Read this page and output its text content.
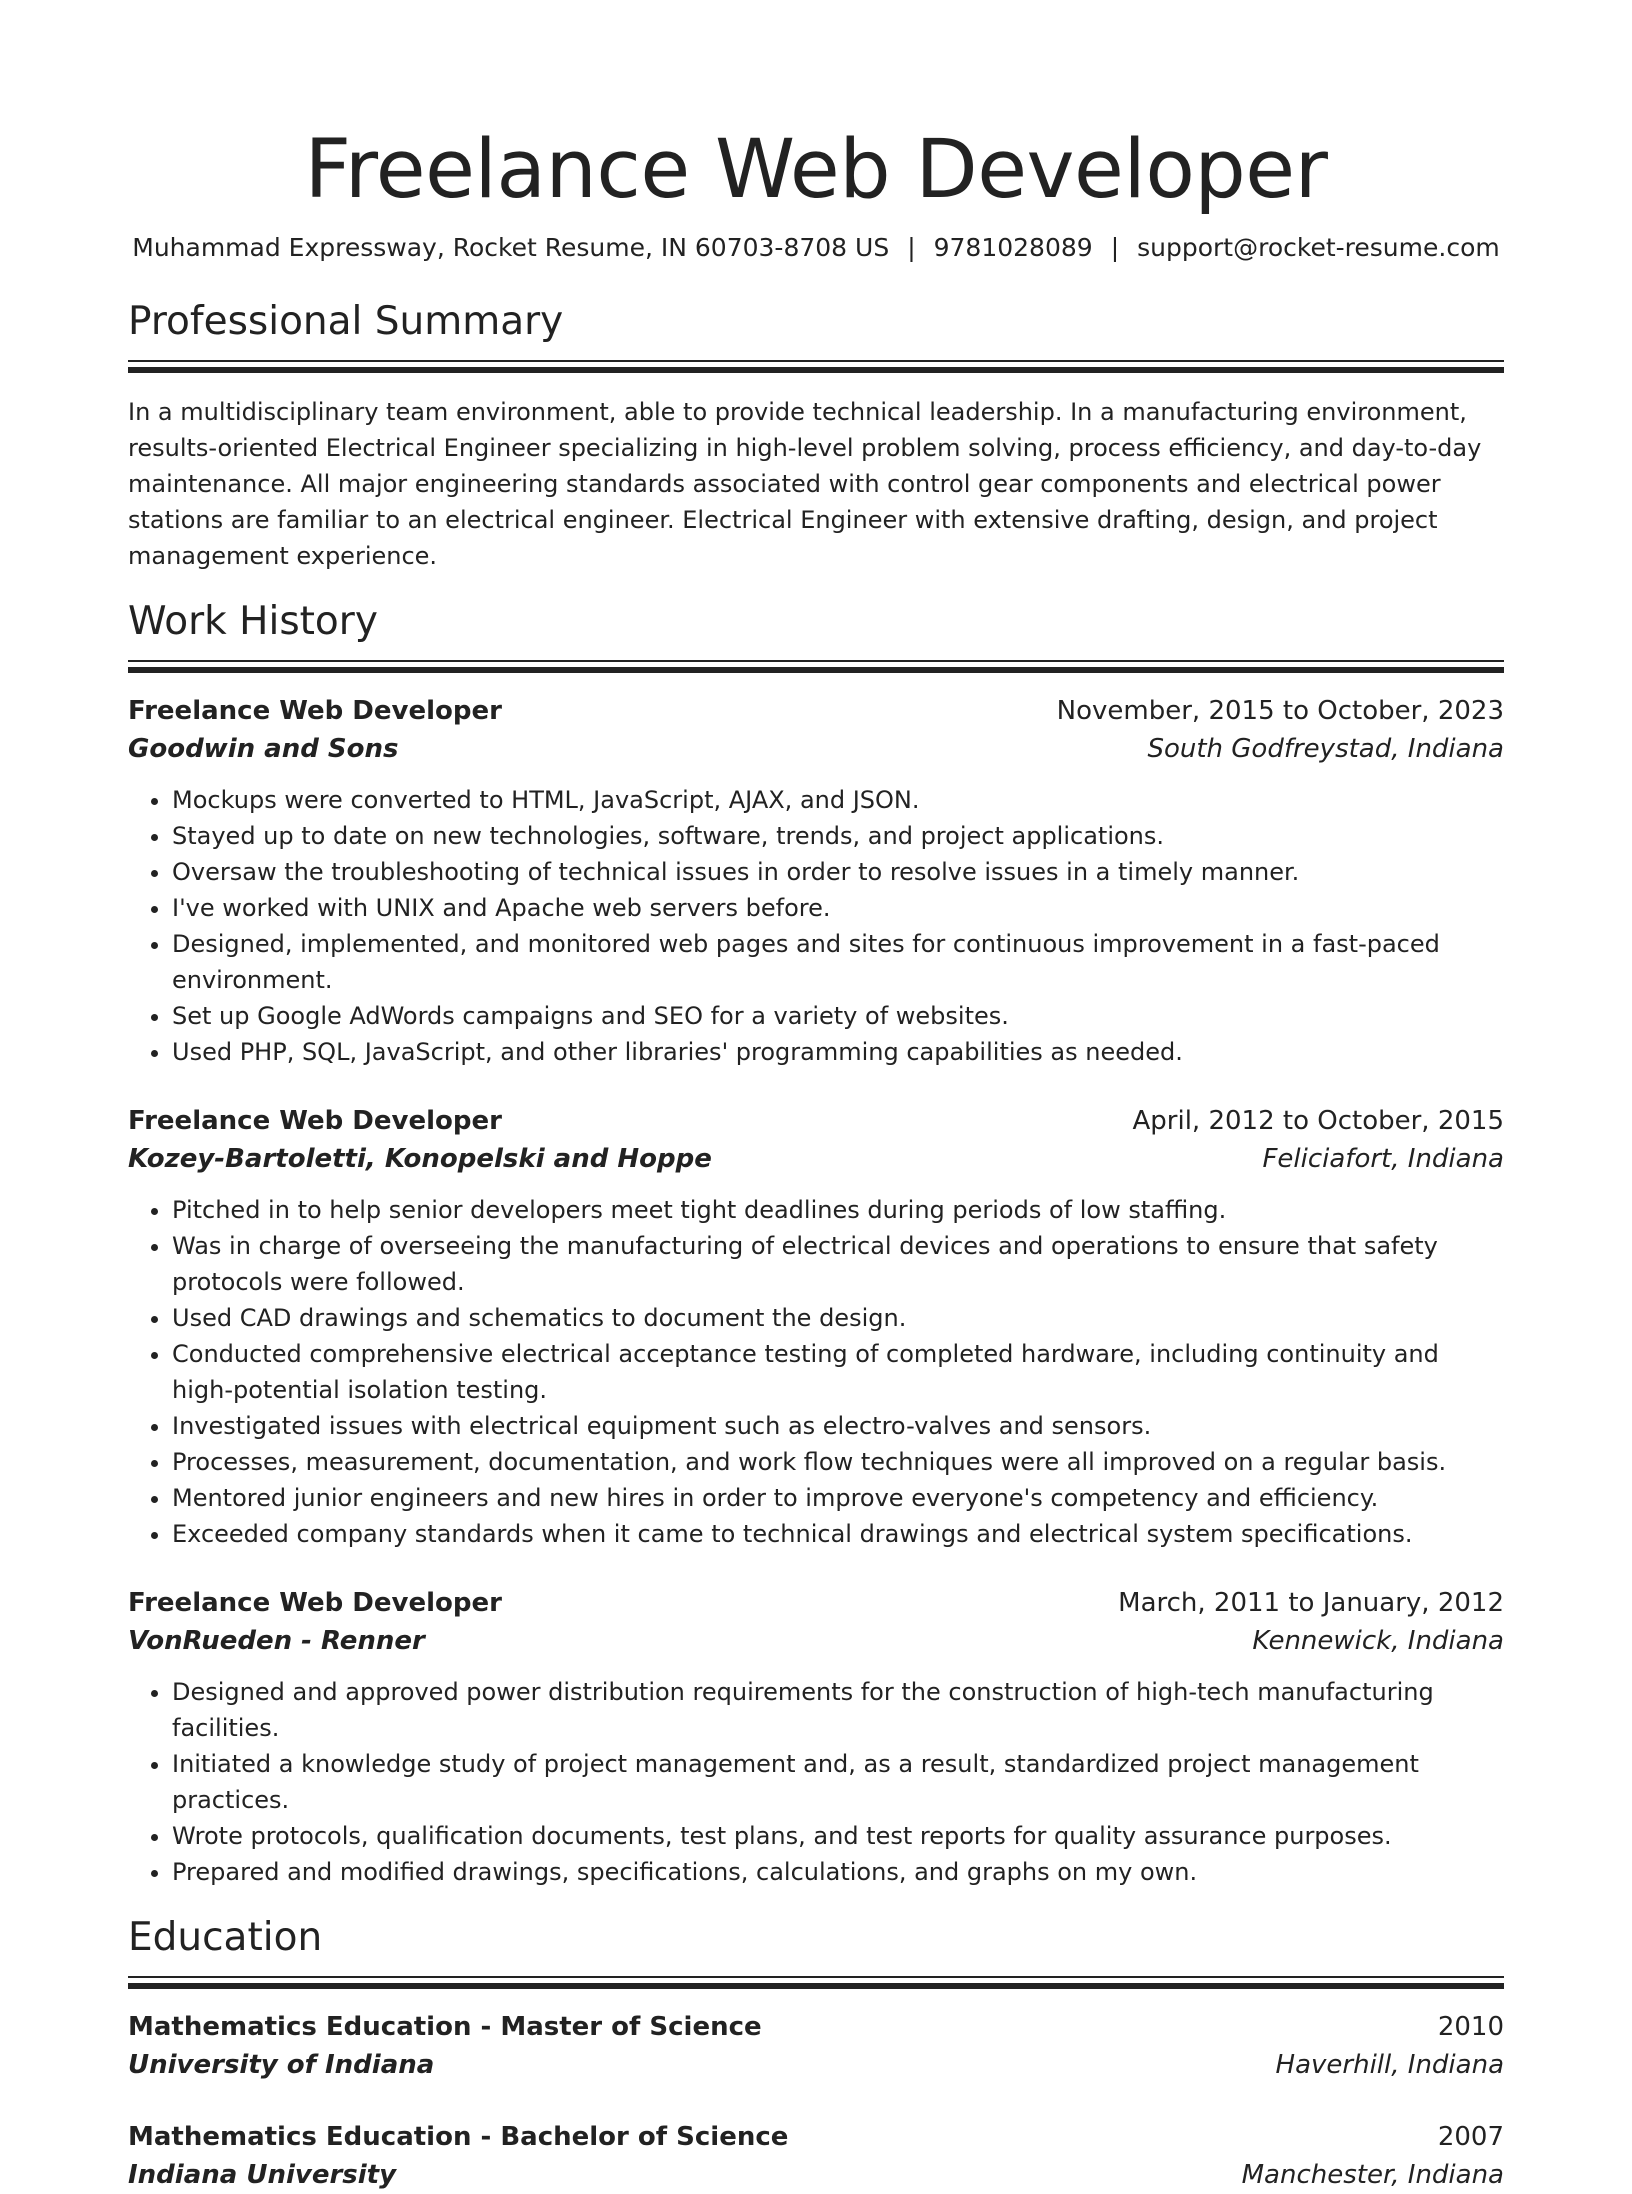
Freelance Web Developer
Muhammad Expressway, Rocket Resume, IN 60703-8708 US | 9781028089 | support@rocket-resume.com
Professional Summary

In a multidisciplinary team environment, able to provide technical leadership. In a manufacturing environment, results-oriented Electrical Engineer specializing in high-level problem solving, process efficiency, and day-to-day maintenance. All major engineering standards associated with control gear components and electrical power stations are familiar to an electrical engineer. Electrical Engineer with extensive drafting, design, and project management experience.

Work History
Freelance Web Developer	November, 2015 to October, 2023
Goodwin and Sons	South Godfreystad, Indiana
• Mockups were converted to HTML, JavaScript, AJAX, and JSON.
• Stayed up to date on new technologies, software, trends, and project applications.
• Oversaw the troubleshooting of technical issues in order to resolve issues in a timely manner.
• I've worked with UNIX and Apache web servers before.
• Designed, implemented, and monitored web pages and sites for continuous improvement in a fast-paced environment.
• Set up Google AdWords campaigns and SEO for a variety of websites.
• Used PHP, SQL, JavaScript, and other libraries' programming capabilities as needed.
Freelance Web Developer	April, 2012 to October, 2015
Kozey-Bartoletti, Konopelski and Hoppe	Feliciafort, Indiana
• Pitched in to help senior developers meet tight deadlines during periods of low staffing.
• Was in charge of overseeing the manufacturing of electrical devices and operations to ensure that safety protocols were followed.
• Used CAD drawings and schematics to document the design.
• Conducted comprehensive electrical acceptance testing of completed hardware, including continuity and high-potential isolation testing.
• Investigated issues with electrical equipment such as electro-valves and sensors.
• Processes, measurement, documentation, and work flow techniques were all improved on a regular basis.
• Mentored junior engineers and new hires in order to improve everyone's competency and efficiency.
• Exceeded company standards when it came to technical drawings and electrical system specifications.
Freelance Web Developer	March, 2011 to January, 2012
VonRueden - Renner	Kennewick, Indiana
• Designed and approved power distribution requirements for the construction of high-tech manufacturing facilities.
• Initiated a knowledge study of project management and, as a result, standardized project management practices.
• Wrote protocols, qualification documents, test plans, and test reports for quality assurance purposes.
• Prepared and modified drawings, specifications, calculations, and graphs on my own.
Education
Mathematics Education - Master of Science	2010
University of Indiana	Haverhill, Indiana
Mathematics Education - Bachelor of Science	2007
Indiana University	Manchester, Indiana
